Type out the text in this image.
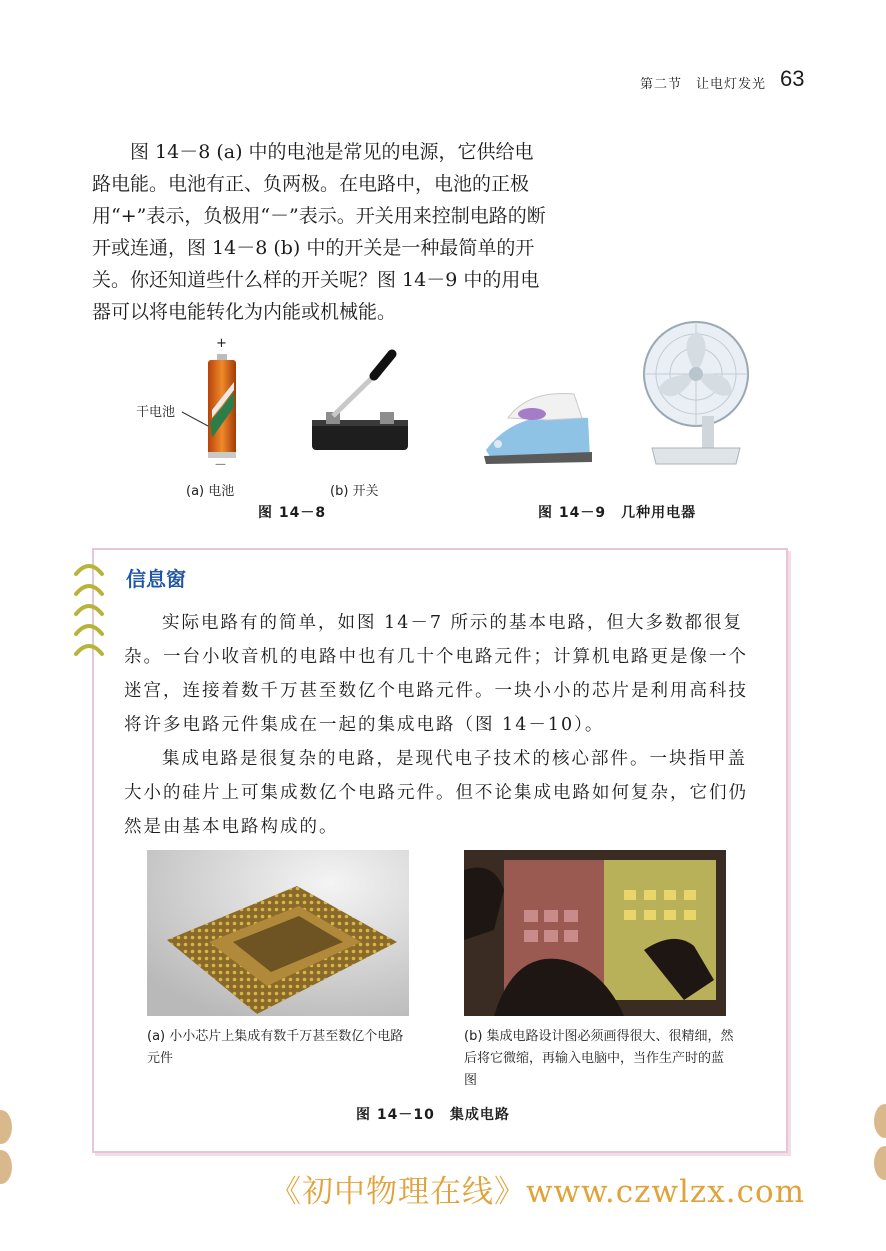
第二节　让电灯发光 63

图 14－8 (a) 中的电池是常见的电源，它供给电路电能。电池有正、负两极。在电路中，电池的正极用“+”表示，负极用“－”表示。开关用来控制电路的断开或连通，图 14－8 (b) 中的开关是一种最简单的开关。你还知道些什么样的开关呢？图 14－9 中的用电器可以将电能转化为内能或机械能。

+
干电池
－
(a) 电池	(b) 开关
图 14－8	图 14－9　几种用电器
信息窗

实际电路有的简单，如图 14－7 所示的基本电路，但大多数都很复杂。一台小收音机的电路中也有几十个电路元件；计算机电路更是像一个迷宫，连接着数千万甚至数亿个电路元件。一块小小的芯片是利用高科技将许多电路元件集成在一起的集成电路（图 14－10）。

集成电路是很复杂的电路，是现代电子技术的核心部件。一块指甲盖大小的硅片上可集成数亿个电路元件。但不论集成电路如何复杂，它们仍然是由基本电路构成的。

(a) 小小芯片上集成有数千万甚至数亿个电路元件
(b) 集成电路设计图必须画得很大、很精细，然后将它微缩，再输入电脑中，当作生产时的蓝图
图 14－10　集成电路
《初中物理在线》www.czwlzx.com
